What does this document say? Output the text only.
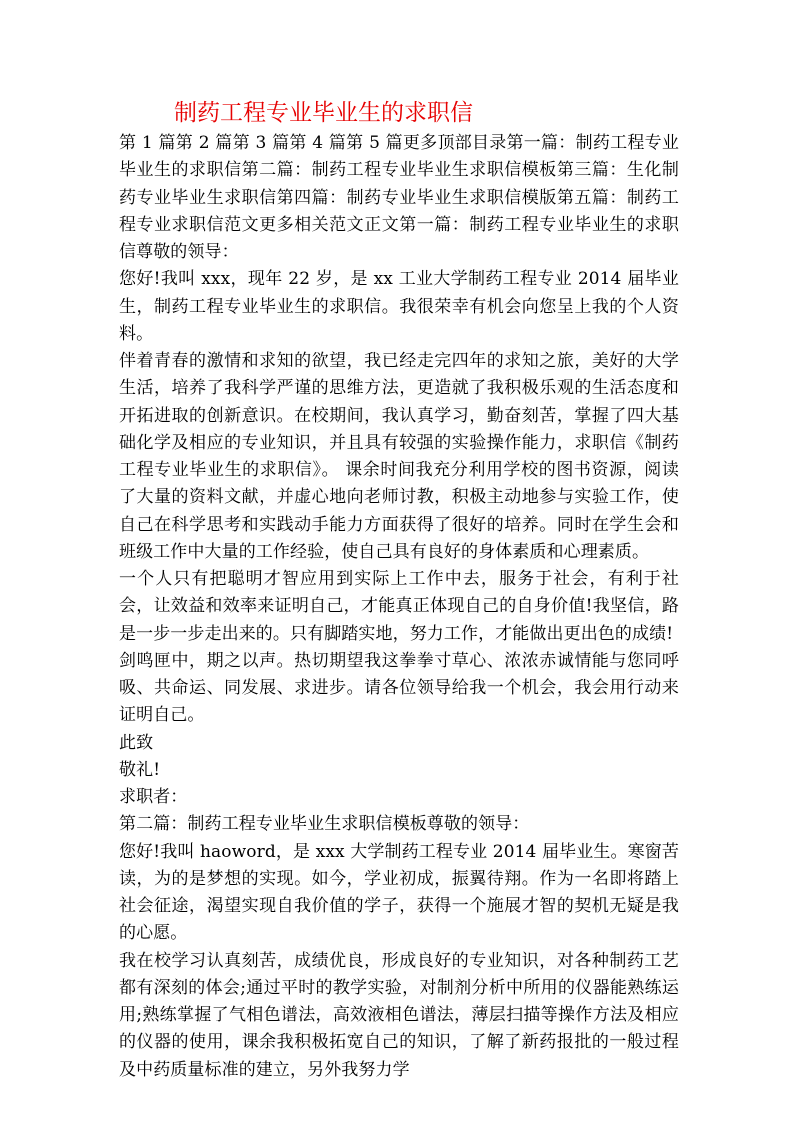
制药工程专业毕业生的求职信

第 1 篇第 2 篇第 3 篇第 4 篇第 5 篇更多顶部目录第一篇：制药工程专业毕业生的求职信第二篇：制药工程专业毕业生求职信模板第三篇：生化制药专业毕业生求职信第四篇：制药专业毕业生求职信模版第五篇：制药工程专业求职信范文更多相关范文正文第一篇：制药工程专业毕业生的求职信尊敬的领导：

您好!我叫 xxx，现年 22 岁，是 xx 工业大学制药工程专业 2014 届毕业生，制药工程专业毕业生的求职信。我很荣幸有机会向您呈上我的个人资料。

伴着青春的激情和求知的欲望，我已经走完四年的求知之旅，美好的大学生活，培养了我科学严谨的思维方法，更造就了我积极乐观的生活态度和开拓进取的创新意识。在校期间，我认真学习，勤奋刻苦，掌握了四大基础化学及相应的专业知识，并且具有较强的实验操作能力，求职信《制药工程专业毕业生的求职信》。 课余时间我充分利用学校的图书资源，阅读了大量的资料文献，并虚心地向老师讨教，积极主动地参与实验工作，使自己在科学思考和实践动手能力方面获得了很好的培养。同时在学生会和班级工作中大量的工作经验，使自己具有良好的身体素质和心理素质。

一个人只有把聪明才智应用到实际上工作中去，服务于社会，有利于社会，让效益和效率来证明自己，才能真正体现自己的自身价值!我坚信，路是一步一步走出来的。只有脚踏实地，努力工作，才能做出更出色的成绩!

剑鸣匣中，期之以声。热切期望我这拳拳寸草心、浓浓赤诚情能与您同呼吸、共命运、同发展、求进步。请各位领导给我一个机会，我会用行动来证明自己。

此致

敬礼!

求职者：

第二篇：制药工程专业毕业生求职信模板尊敬的领导：

您好!我叫 haoword，是 xxx 大学制药工程专业 2014 届毕业生。寒窗苦读，为的是梦想的实现。如今，学业初成，振翼待翔。作为一名即将踏上社会征途，渴望实现自我价值的学子，获得一个施展才智的契机无疑是我的心愿。

我在校学习认真刻苦，成绩优良，形成良好的专业知识，对各种制药工艺都有深刻的体会;通过平时的教学实验，对制剂分析中所用的仪器能熟练运用;熟练掌握了气相色谱法，高效液相色谱法，薄层扫描等操作方法及相应的仪器的使用，课余我积极拓宽自己的知识，了解了新药报批的一般过程及中药质量标准的建立，另外我努力学
